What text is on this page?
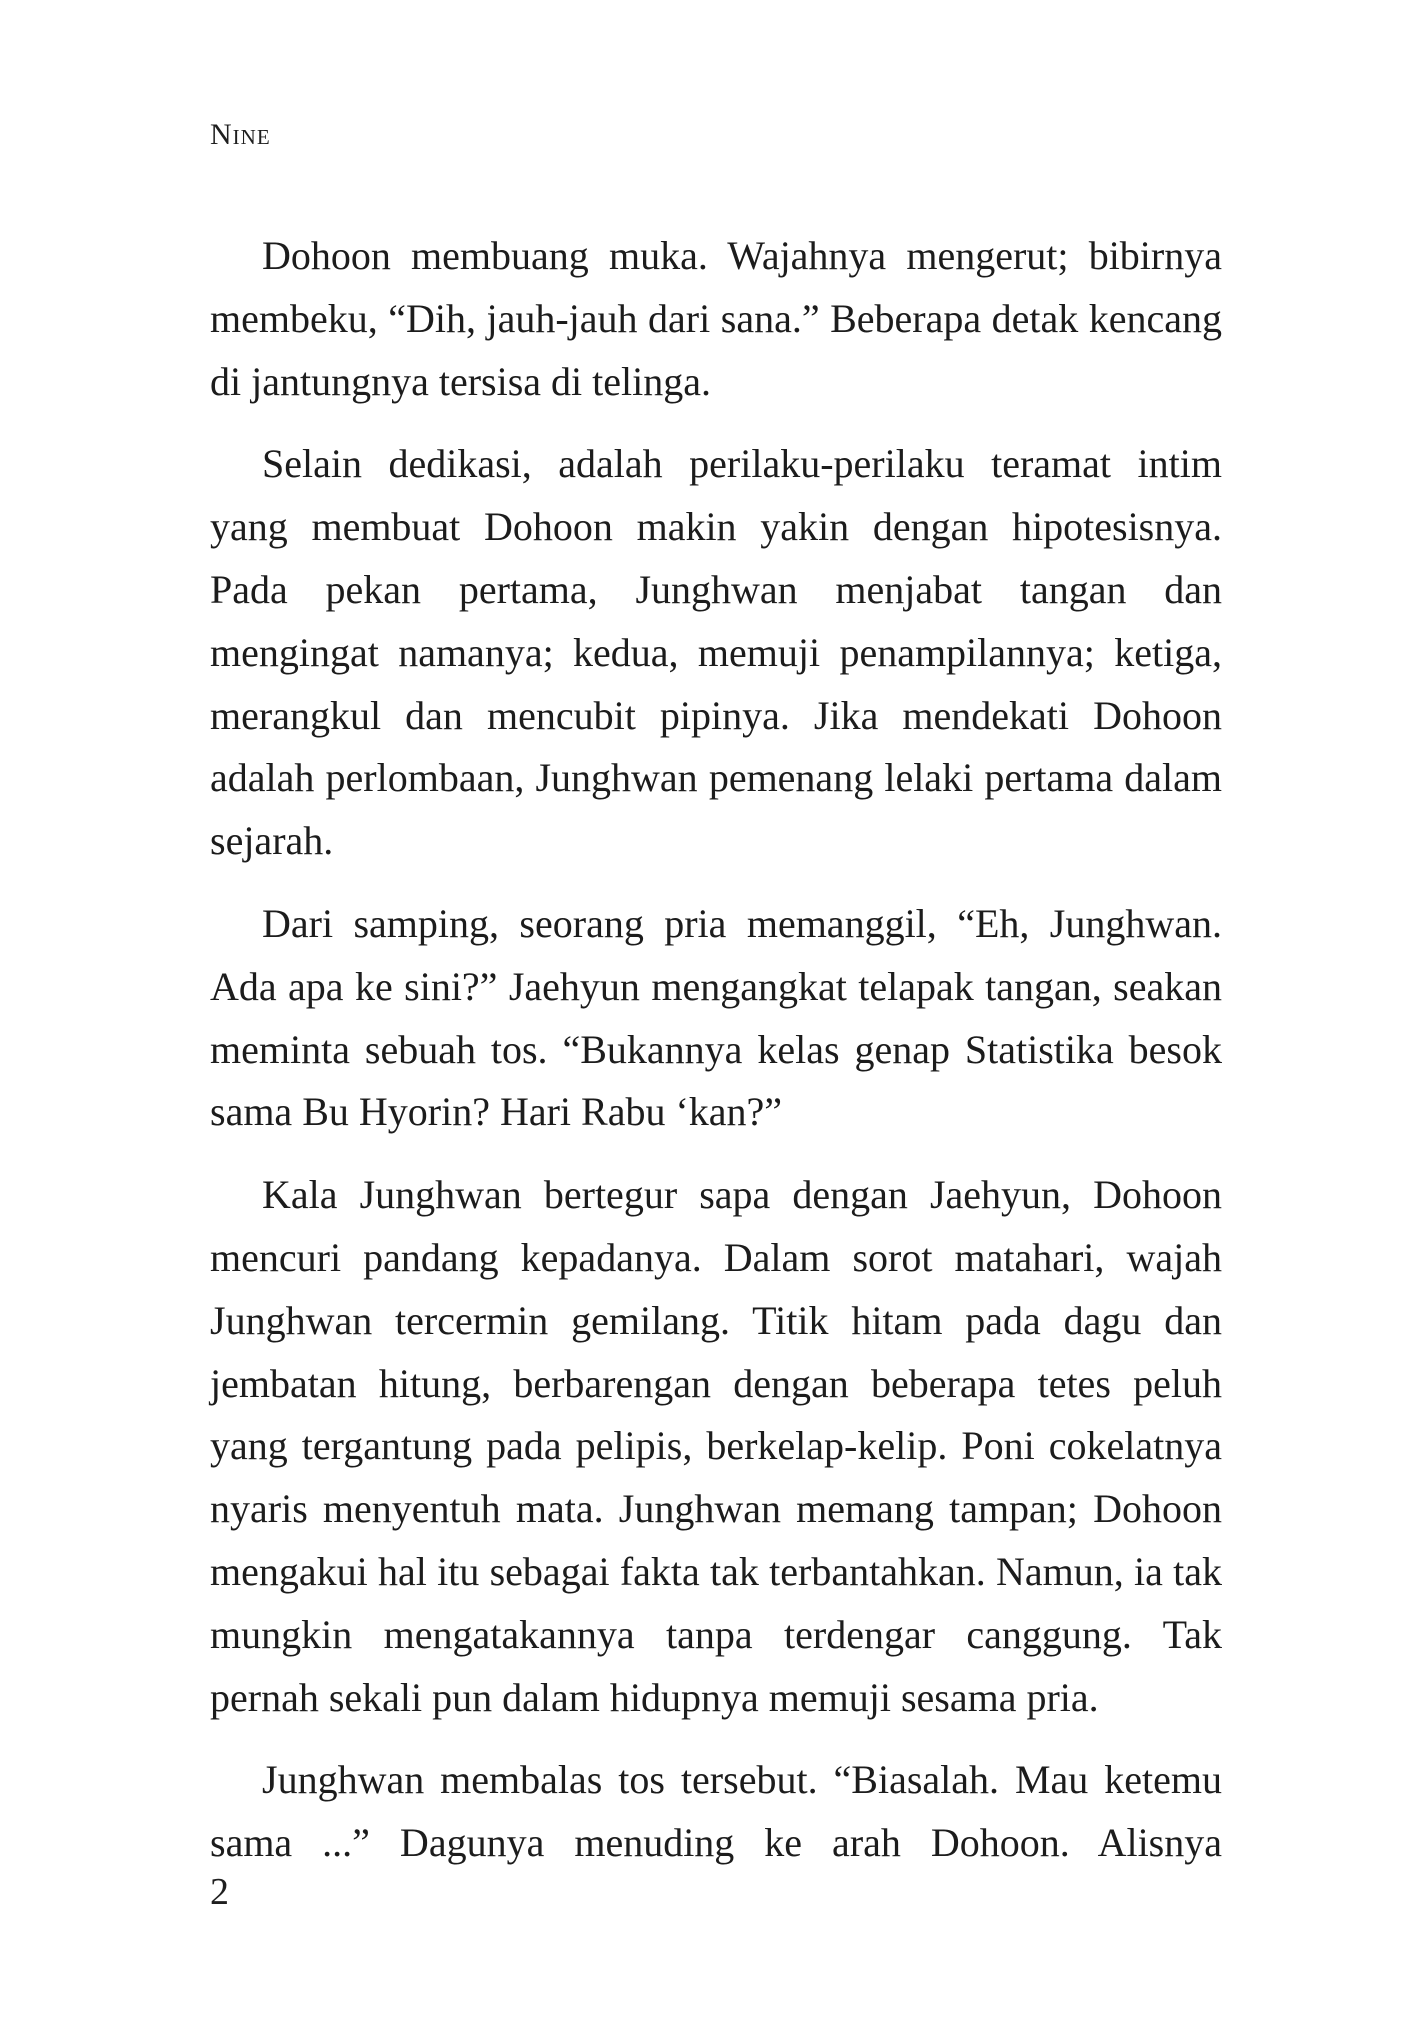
Nine

Dohoon membuang muka. Wajahnya mengerut; bibirnya membeku, “Dih, jauh-jauh dari sana.” Beberapa detak kencang di jantungnya tersisa di telinga.

Selain dedikasi, adalah perilaku-perilaku teramat intim yang membuat Dohoon makin yakin dengan hipotesisnya. Pada pekan pertama, Junghwan menjabat tangan dan mengingat namanya; kedua, memuji penampilannya; ketiga, merangkul dan mencubit pipinya. Jika mendekati Dohoon adalah perlombaan, Junghwan pemenang lelaki pertama dalam sejarah.

Dari samping, seorang pria memanggil, “Eh, Junghwan. Ada apa ke sini?” Jaehyun mengangkat telapak tangan, seakan meminta sebuah tos. “Bukannya kelas genap Statistika besok sama Bu Hyorin? Hari Rabu ‘kan?”

Kala Junghwan bertegur sapa dengan Jaehyun, Dohoon mencuri pandang kepadanya. Dalam sorot matahari, wajah Junghwan tercermin gemilang. Titik hitam pada dagu dan jembatan hitung, berbarengan dengan beberapa tetes peluh yang tergantung pada pelipis, berkelap-kelip. Poni cokelatnya nyaris menyentuh mata. Junghwan memang tampan; Dohoon mengakui hal itu sebagai fakta tak terbantahkan. Namun, ia tak mungkin mengatakannya tanpa terdengar canggung. Tak pernah sekali pun dalam hidupnya memuji sesama pria.

Junghwan membalas tos tersebut. “Biasalah. Mau ketemu sama ...” Dagunya menuding ke arah Dohoon. Alisnya

2
